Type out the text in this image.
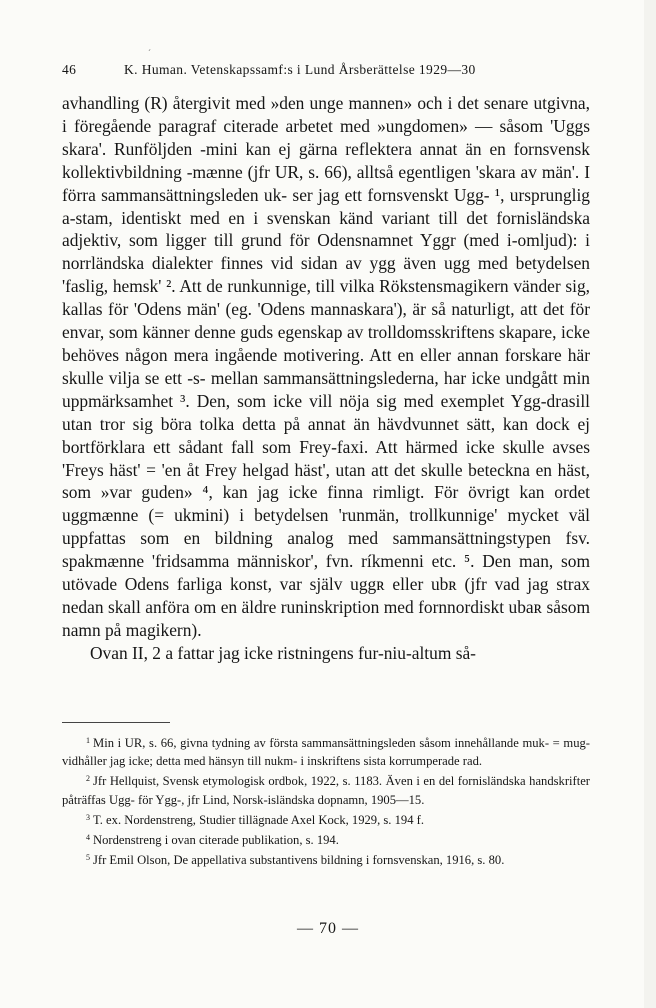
´
46	K. Human. Vetenskapssamf:s i Lund Årsberättelse 1929—30

avhandling (R) återgivit med »den unge mannen» och i det senare utgivna, i föregående paragraf citerade arbetet med »ungdomen» — såsom 'Uggs skara'. Runföljden -mini kan ej gärna reflektera annat än en fornsvensk kollektivbildning -mænne (jfr UR, s. 66), alltså egentligen 'skara av män'. I förra sammansättningsleden uk- ser jag ett fornsvenskt Ugg- ¹, ursprunglig a-stam, identiskt med en i svenskan känd variant till det fornisländska adjektiv, som ligger till grund för Odensnamnet Yggr (med i-omljud): i norrländska dialekter finnes vid sidan av ygg även ugg med betydelsen 'faslig, hemsk' ². Att de runkunnige, till vilka Rökstensmagikern vänder sig, kallas för 'Odens män' (eg. 'Odens mannaskara'), är så naturligt, att det för envar, som känner denne guds egenskap av trolldomsskriftens skapare, icke behöves någon mera ingående motivering. Att en eller annan forskare här skulle vilja se ett -s- mellan sammansättningslederna, har icke undgått min uppmärksamhet ³. Den, som icke vill nöja sig med exemplet Ygg-drasill utan tror sig böra tolka detta på annat än hävdvunnet sätt, kan dock ej bortförklara ett sådant fall som Frey-faxi. Att härmed icke skulle avses 'Freys häst' = 'en åt Frey helgad häst', utan att det skulle beteckna en häst, som »var guden» ⁴, kan jag icke finna rimligt. För övrigt kan ordet uggmænne (= ukmini) i betydelsen 'runmän, trollkunnige' mycket väl uppfattas som en bildning analog med sammansättningstypen fsv. spakmænne 'fridsamma människor', fvn. ríkmenni etc. ⁵. Den man, som utövade Odens farliga konst, var själv uggʀ eller ubʀ (jfr vad jag strax nedan skall anföra om en äldre runinskription med fornnordiskt ubaʀ såsom namn på magikern).

Ovan II, 2 a fattar jag icke ristningens fur-niu-altum så-

$^1$ Min i UR, s. 66, givna tydning av första sammansättningsleden såsom innehållande muk- = mug- vidhåller jag icke; detta med hänsyn till nukm- i inskriftens sista korrumperade rad.

$^2$ Jfr Hellquist, Svensk etymologisk ordbok, 1922, s. 1183. Även i en del fornisländska handskrifter påträffas Ugg- för Ygg-, jfr Lind, Norsk-isländska dopnamn, 1905—15.

$^3$ T. ex. Nordenstreng, Studier tillägnade Axel Kock, 1929, s. 194 f.

$^4$ Nordenstreng i ovan citerade publikation, s. 194.

$^5$ Jfr Emil Olson, De appellativa substantivens bildning i fornsvenskan, 1916, s. 80.

— 70 —
